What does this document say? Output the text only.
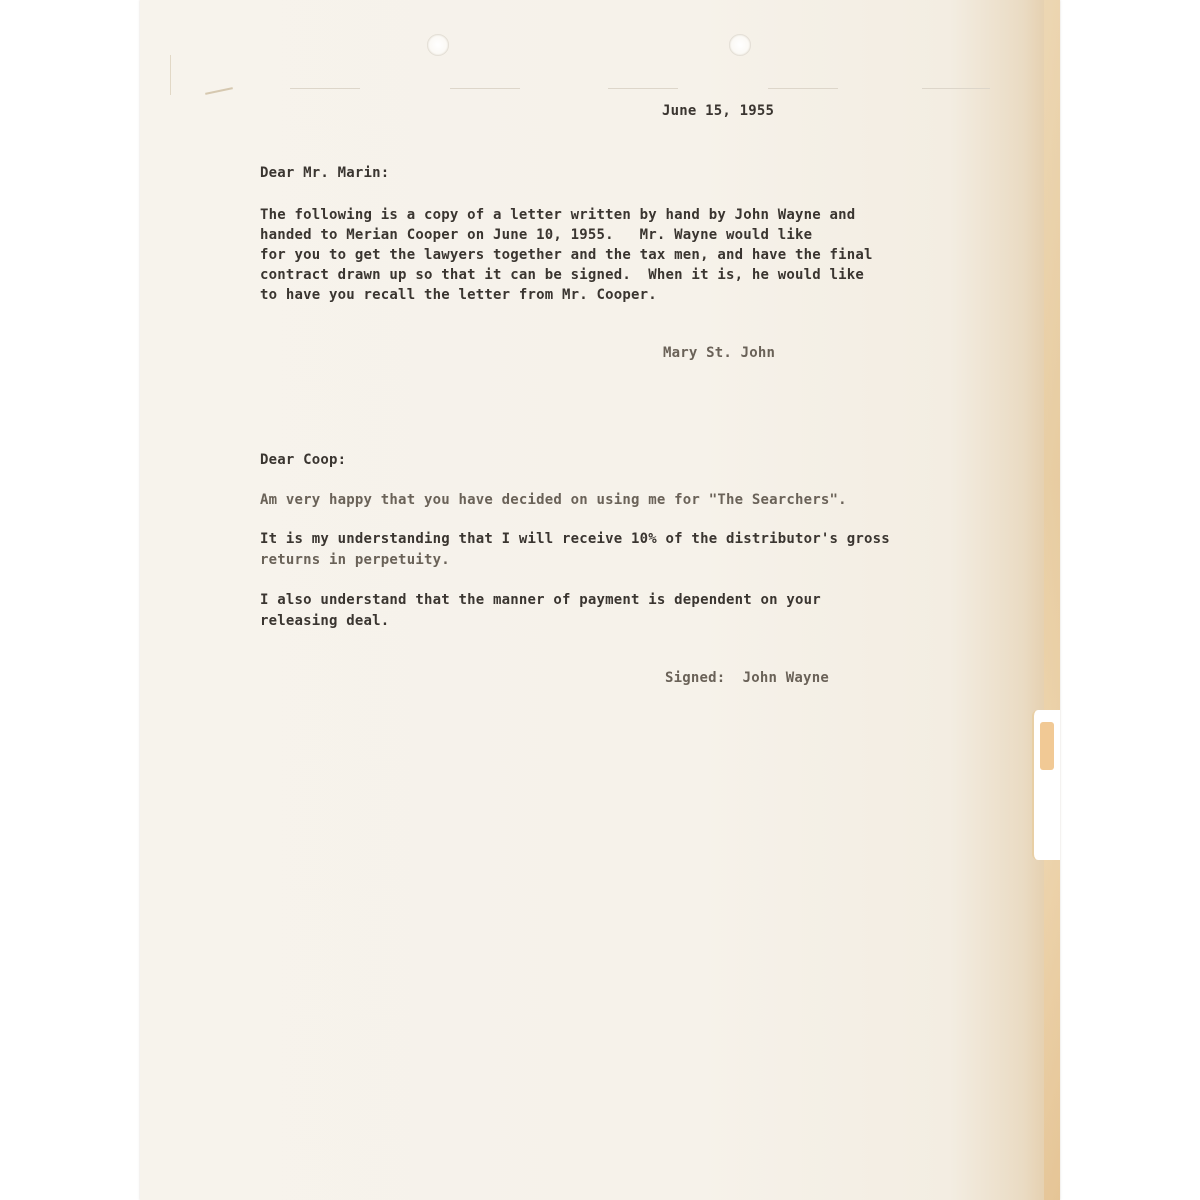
June 15, 1955
Dear Mr. Marin:
The following is a copy of a letter written by hand by John Wayne and
handed to Merian Cooper on June 10, 1955.   Mr. Wayne would like
for you to get the lawyers together and the tax men, and have the final
contract drawn up so that it can be signed.  When it is, he would like
to have you recall the letter from Mr. Cooper.
Mary St. John
Dear Coop:
Am very happy that you have decided on using me for "The Searchers".
It is my understanding that I will receive 10% of the distributor's gross
returns in perpetuity.
I also understand that the manner of payment is dependent on your
releasing deal.
Signed:  John Wayne
